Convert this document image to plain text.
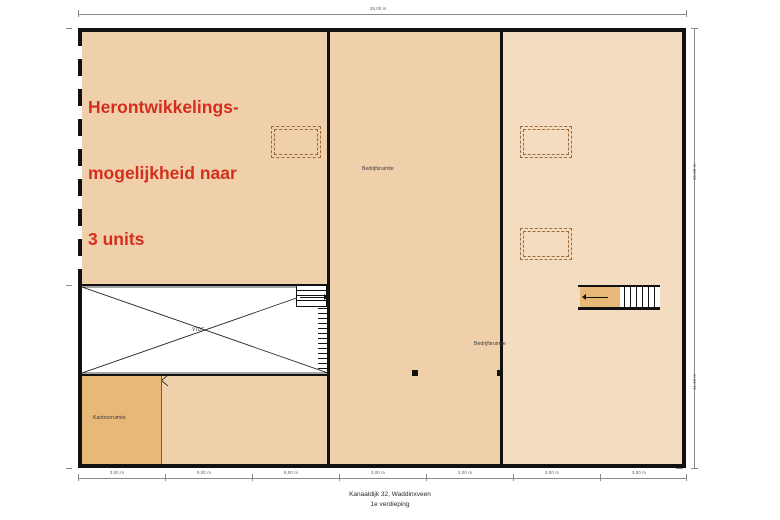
25,00 m
15,00 m
11,10 m
3,00 m	5,00 m	5,00 m	3,00 m	3,00 m	3,00 m	3,00 m
VIDE
Kantoorruimte
Bedrijfsruimte
Bedrijfsruimte

Herontwikkelings-

mogelijkheid naar

3 units

Kanaaldijk 32, Waddinxveen
1e verdieping
